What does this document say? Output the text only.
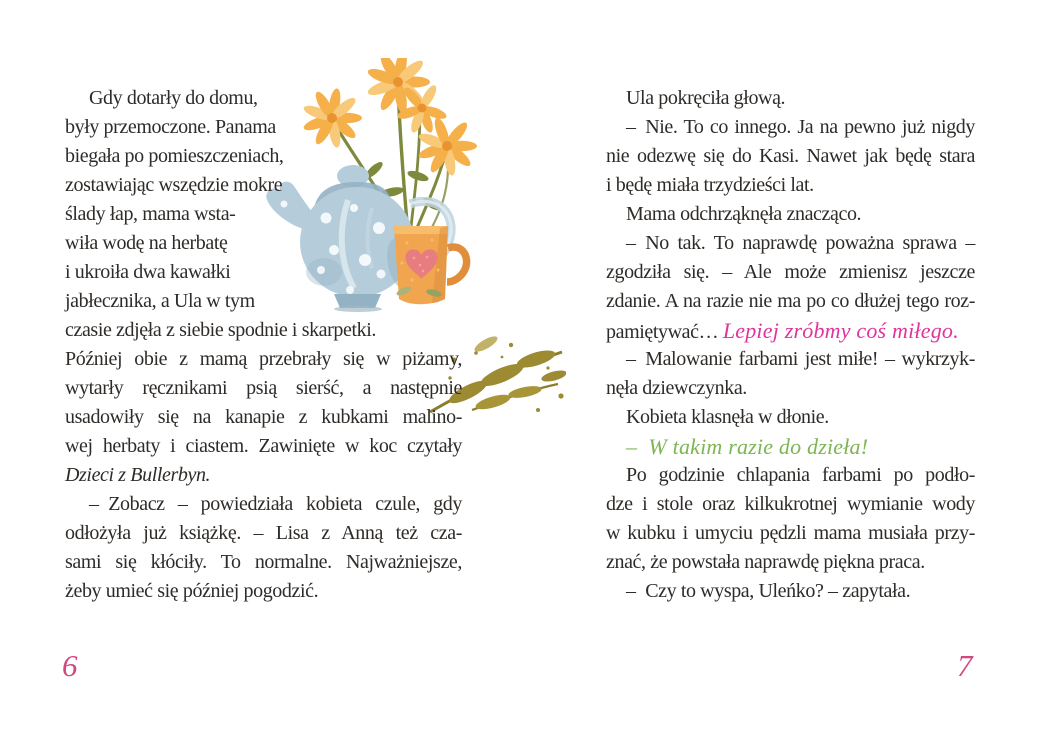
Gdy dotarły do domu,
były przemoczone. Panama
biegała po pomieszczeniach,
zostawiając wszędzie mokre
ślady łap, mama wsta-
wiła wodę na herbatę
i ukroiła dwa kawałki
jabłecznika, a Ula w tym
czasie zdjęła z siebie spodnie i skarpetki.
Później obie z mamą przebrały się w piżamy,
wytarły ręcznikami psią sierść, a następnie
usadowiły się na kanapie z kubkami malino-
wej herbaty i ciastem. Zawinięte w koc czytały
Dzieci z Bullerbyn.
– Zobacz – powiedziała kobieta czule, gdy
odłożyła już książkę. – Lisa z Anną też cza-
sami się kłóciły. To normalne. Najważniejsze,
żeby umieć się później pogodzić.
6
Ula pokręciła głową.
– Nie. To co innego. Ja na pewno już nigdy
nie odezwę się do Kasi. Nawet jak będę stara
i będę miała trzydzieści lat.
Mama odchrząknęła znacząco.
– No tak. To naprawdę poważna sprawa –
zgodziła się. – Ale może zmienisz jeszcze
zdanie. A na razie nie ma po co dłużej tego roz-
pamiętywać… Lepiej zróbmy coś miłego.
– Malowanie farbami jest miłe! – wykrzyk-
nęła dziewczynka.
Kobieta klasnęła w dłonie.
– W takim razie do dzieła!
Po godzinie chlapania farbami po podło-
dze i stole oraz kilkukrotnej wymianie wody
w kubku i umyciu pędzli mama musiała przy-
znać, że powstała naprawdę piękna praca.
– Czy to wyspa, Uleńko? – zapytała.
7
